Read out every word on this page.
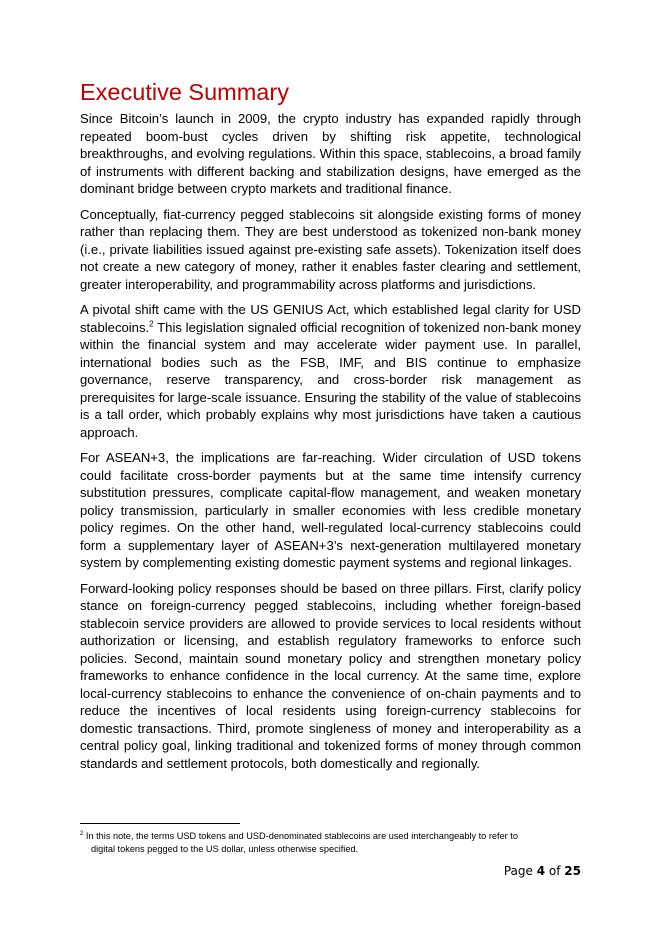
Executive Summary

Since Bitcoin’s launch in 2009, the crypto industry has expanded rapidly through repeated boom-bust cycles driven by shifting risk appetite, technological breakthroughs, and evolving regulations. Within this space, stablecoins, a broad family of instruments with different backing and stabilization designs, have emerged as the dominant bridge between crypto markets and traditional finance.

Conceptually, fiat-currency pegged stablecoins sit alongside existing forms of money rather than replacing them. They are best understood as tokenized non-bank money (i.e., private liabilities issued against pre-existing safe assets). Tokenization itself does not create a new category of money, rather it enables faster clearing and settlement, greater interoperability, and programmability across platforms and jurisdictions.

A pivotal shift came with the US GENIUS Act, which established legal clarity for USD stablecoins.$^2$ This legislation signaled official recognition of tokenized non-bank money within the financial system and may accelerate wider payment use. In parallel, international bodies such as the FSB, IMF, and BIS continue to emphasize governance, reserve transparency, and cross-border risk management as prerequisites for large-scale issuance. Ensuring the stability of the value of stablecoins is a tall order, which probably explains why most jurisdictions have taken a cautious approach.

For ASEAN+3, the implications are far-reaching. Wider circulation of USD tokens could facilitate cross-border payments but at the same time intensify currency substitution pressures, complicate capital-flow management, and weaken monetary policy transmission, particularly in smaller economies with less credible monetary policy regimes. On the other hand, well-regulated local-currency stablecoins could form a supplementary layer of ASEAN+3’s next-generation multilayered monetary system by complementing existing domestic payment systems and regional linkages.

Forward-looking policy responses should be based on three pillars. First, clarify policy stance on foreign-currency pegged stablecoins, including whether foreign-based stablecoin service providers are allowed to provide services to local residents without authorization or licensing, and establish regulatory frameworks to enforce such policies. Second, maintain sound monetary policy and strengthen monetary policy frameworks to enhance confidence in the local currency. At the same time, explore local-currency stablecoins to enhance the convenience of on-chain payments and to reduce the incentives of local residents using foreign-currency stablecoins for domestic transactions. Third, promote singleness of money and interoperability as a central policy goal, linking traditional and tokenized forms of money through common standards and settlement protocols, both domestically and regionally.

$^2$ In this note, the terms USD tokens and USD-denominated stablecoins are used interchangeably to refer to
digital tokens pegged to the US dollar, unless otherwise specified.
Page 4 of 25
